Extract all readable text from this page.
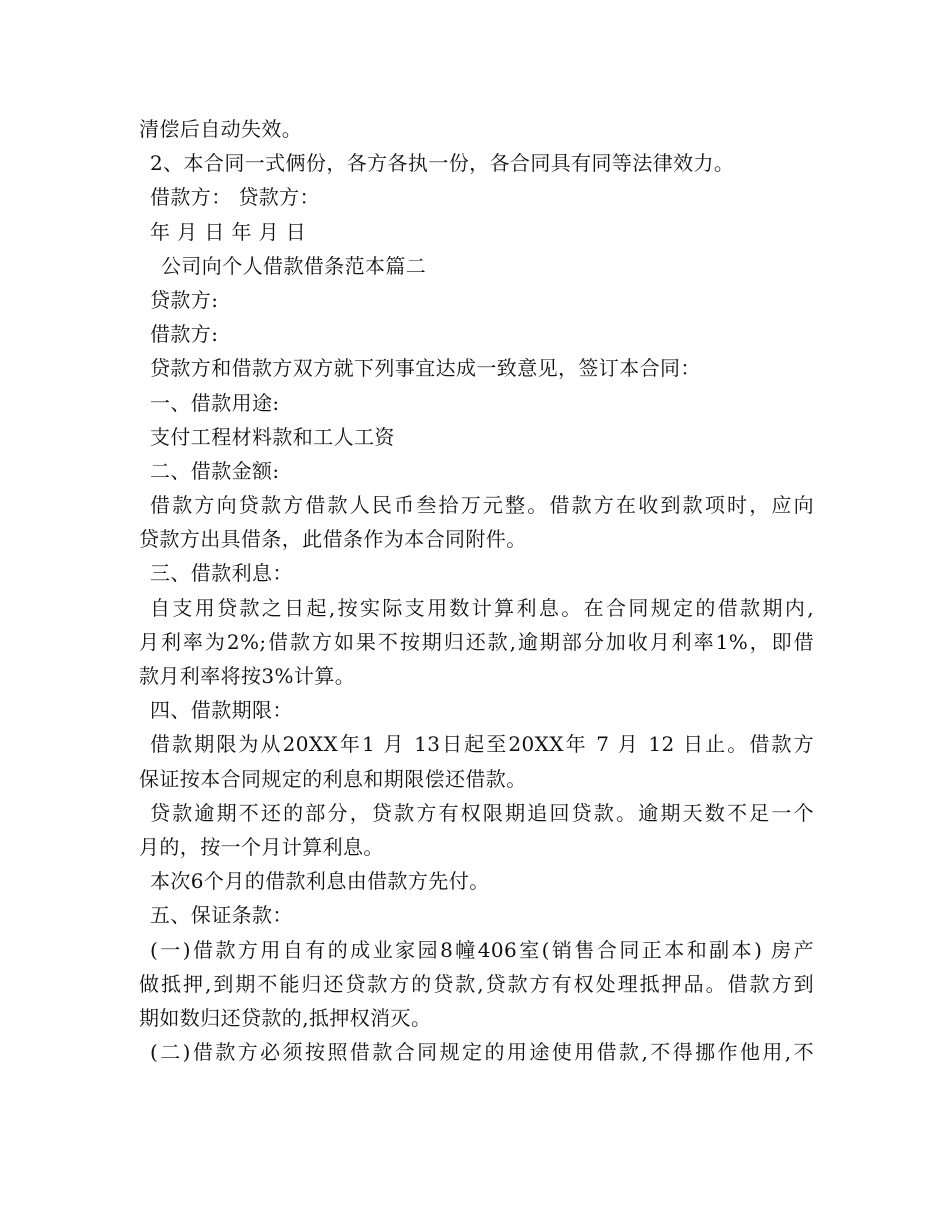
清偿后自动失效。
2、本合同一式俩份，各方各执一份，各合同具有同等法律效力。
借款方： 贷款方：
年 月 日 年 月 日
公司向个人借款借条范本篇二
贷款方:
借款方:
贷款方和借款方双方就下列事宜达成一致意见，签订本合同：
一、借款用途:
支付工程材料款和工人工资
二、借款金额:
借款方向贷款方借款人民币叁拾万元整。借款方在收到款项时，应向
贷款方出具借条，此借条作为本合同附件。
三、借款利息：
自支用贷款之日起,按实际支用数计算利息。在合同规定的借款期内,
月利率为2%;借款方如果不按期归还款,逾期部分加收月利率1%，即借
款月利率将按3%计算。
四、借款期限：
借款期限为从20XX年1 月 13日起至20XX年 7 月 12 日止。借款方
保证按本合同规定的利息和期限偿还借款。
贷款逾期不还的部分，贷款方有权限期追回贷款。逾期天数不足一个
月的，按一个月计算利息。
本次6个月的借款利息由借款方先付。
五、保证条款：
(一)借款方用自有的成业家园8幢406室(销售合同正本和副本) 房产
做抵押,到期不能归还贷款方的贷款,贷款方有权处理抵押品。借款方到
期如数归还贷款的,抵押权消灭。
(二)借款方必须按照借款合同规定的用途使用借款,不得挪作他用,不
